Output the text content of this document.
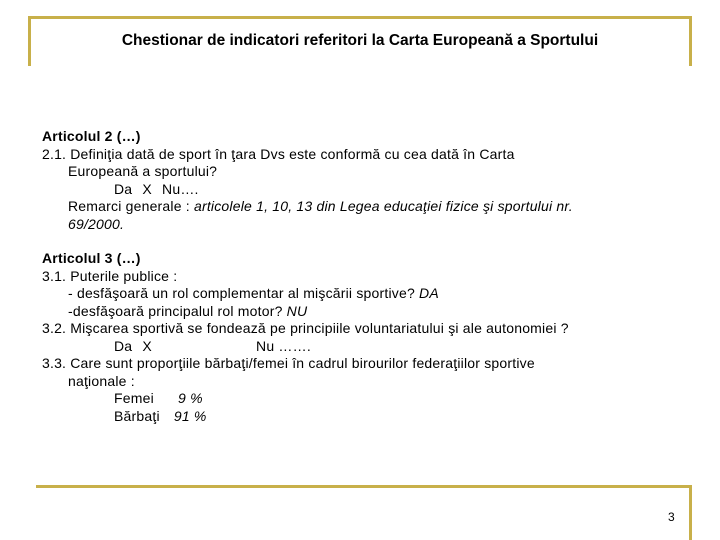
Chestionar de indicatori referitori la Carta Europeană a Sportului
Articolul 2 (…)
2.1. Definiţia dată de sport în ţara Dvs este conformă cu cea dată în Carta
Europeană a sportului?
Da X Nu….
Remarci generale : articolele 1, 10, 13 din Legea educaţiei fizice şi sportului nr.
69/2000.
Articolul 3 (…)
3.1. Puterile publice :
- desfăşoară un rol complementar al mişcării sportive? DA
-desfăşoară principalul rol motor? NU
3.2. Mişcarea sportivă se fondează pe principiile voluntariatului şi ale autonomiei ?
Da X	Nu …….
3.3. Care sunt proporţiile bărbaţi/femei în cadrul birourilor federaţiilor sportive
naţionale :
Femei 9 %
Bărbaţi 91 %
3
